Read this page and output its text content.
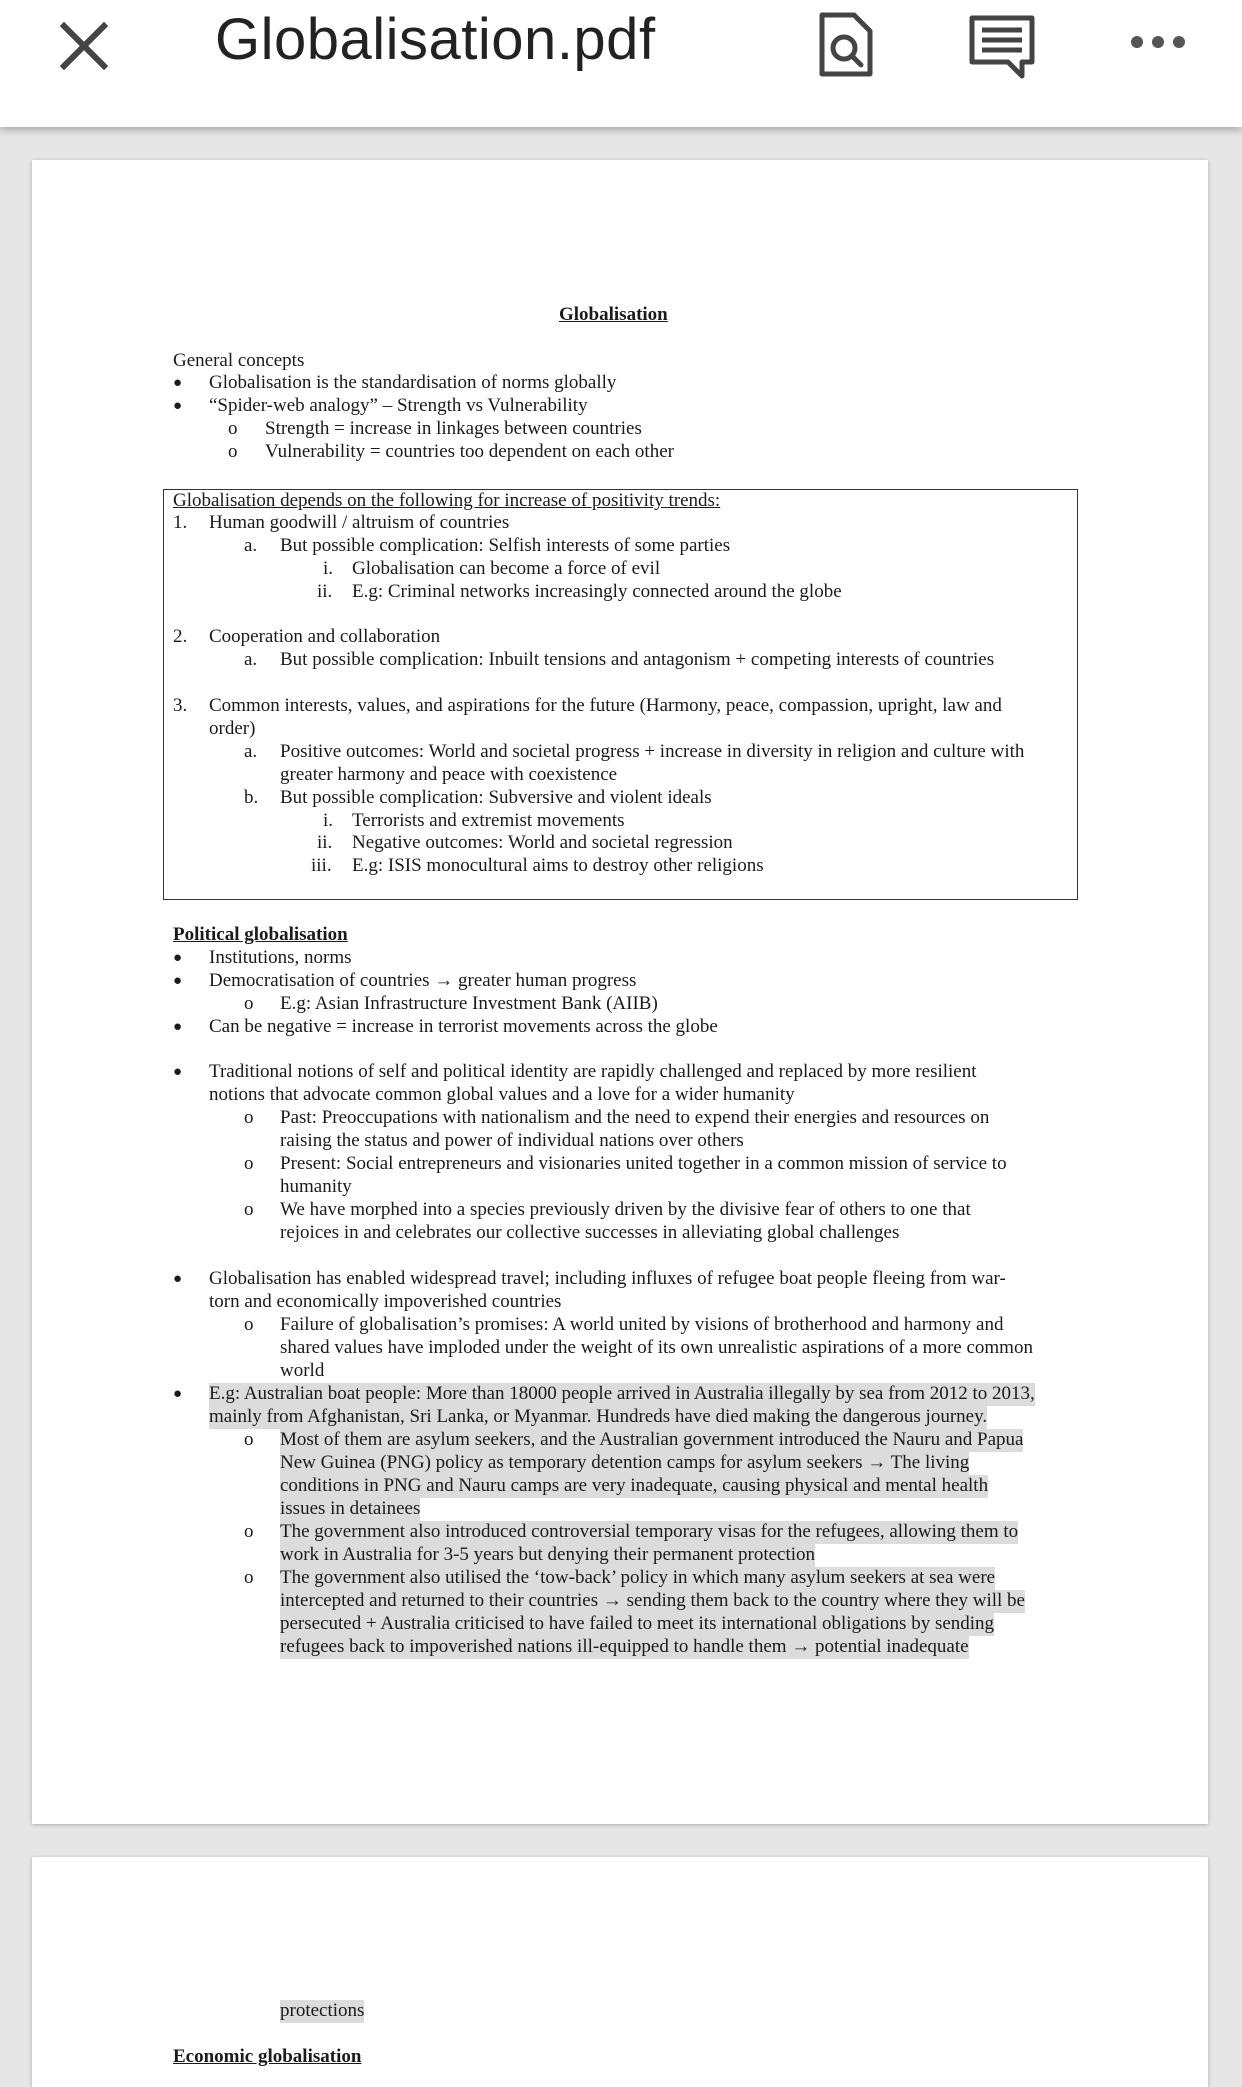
Globalisation.pdf
Globalisation
General concepts
● Globalisation is the standardisation of norms globally
● “Spider-web analogy” – Strength vs Vulnerability
o Strength = increase in linkages between countries
o Vulnerability = countries too dependent on each other
Globalisation depends on the following for increase of positivity trends:
1. Human goodwill / altruism of countries
a. But possible complication: Selfish interests of some parties
i. Globalisation can become a force of evil
ii. E.g: Criminal networks increasingly connected around the globe
2. Cooperation and collaboration
a. But possible complication: Inbuilt tensions and antagonism + competing interests of countries
3. Common interests, values, and aspirations for the future (Harmony, peace, compassion, upright, law and
order)
a. Positive outcomes: World and societal progress + increase in diversity in religion and culture with
greater harmony and peace with coexistence
b. But possible complication: Subversive and violent ideals
i. Terrorists and extremist movements
ii. Negative outcomes: World and societal regression
iii. E.g: ISIS monocultural aims to destroy other religions
Political globalisation
● Institutions, norms
● Democratisation of countries → greater human progress
o E.g: Asian Infrastructure Investment Bank (AIIB)
● Can be negative = increase in terrorist movements across the globe
● Traditional notions of self and political identity are rapidly challenged and replaced by more resilient
notions that advocate common global values and a love for a wider humanity
o Past: Preoccupations with nationalism and the need to expend their energies and resources on
raising the status and power of individual nations over others
o Present: Social entrepreneurs and visionaries united together in a common mission of service to
humanity
o We have morphed into a species previously driven by the divisive fear of others to one that
rejoices in and celebrates our collective successes in alleviating global challenges
● Globalisation has enabled widespread travel; including influxes of refugee boat people fleeing from war-
torn and economically impoverished countries
o Failure of globalisation’s promises: A world united by visions of brotherhood and harmony and
shared values have imploded under the weight of its own unrealistic aspirations of a more common
world
● E.g: Australian boat people: More than 18000 people arrived in Australia illegally by sea from 2012 to 2013,
mainly from Afghanistan, Sri Lanka, or Myanmar. Hundreds have died making the dangerous journey.
o Most of them are asylum seekers, and the Australian government introduced the Nauru and Papua
New Guinea (PNG) policy as temporary detention camps for asylum seekers → The living
conditions in PNG and Nauru camps are very inadequate, causing physical and mental health
issues in detainees
o The government also introduced controversial temporary visas for the refugees, allowing them to
work in Australia for 3-5 years but denying their permanent protection
o The government also utilised the ‘tow-back’ policy in which many asylum seekers at sea were
intercepted and returned to their countries → sending them back to the country where they will be
persecuted + Australia criticised to have failed to meet its international obligations by sending
refugees back to impoverished nations ill-equipped to handle them → potential inadequate
protections
Economic globalisation
